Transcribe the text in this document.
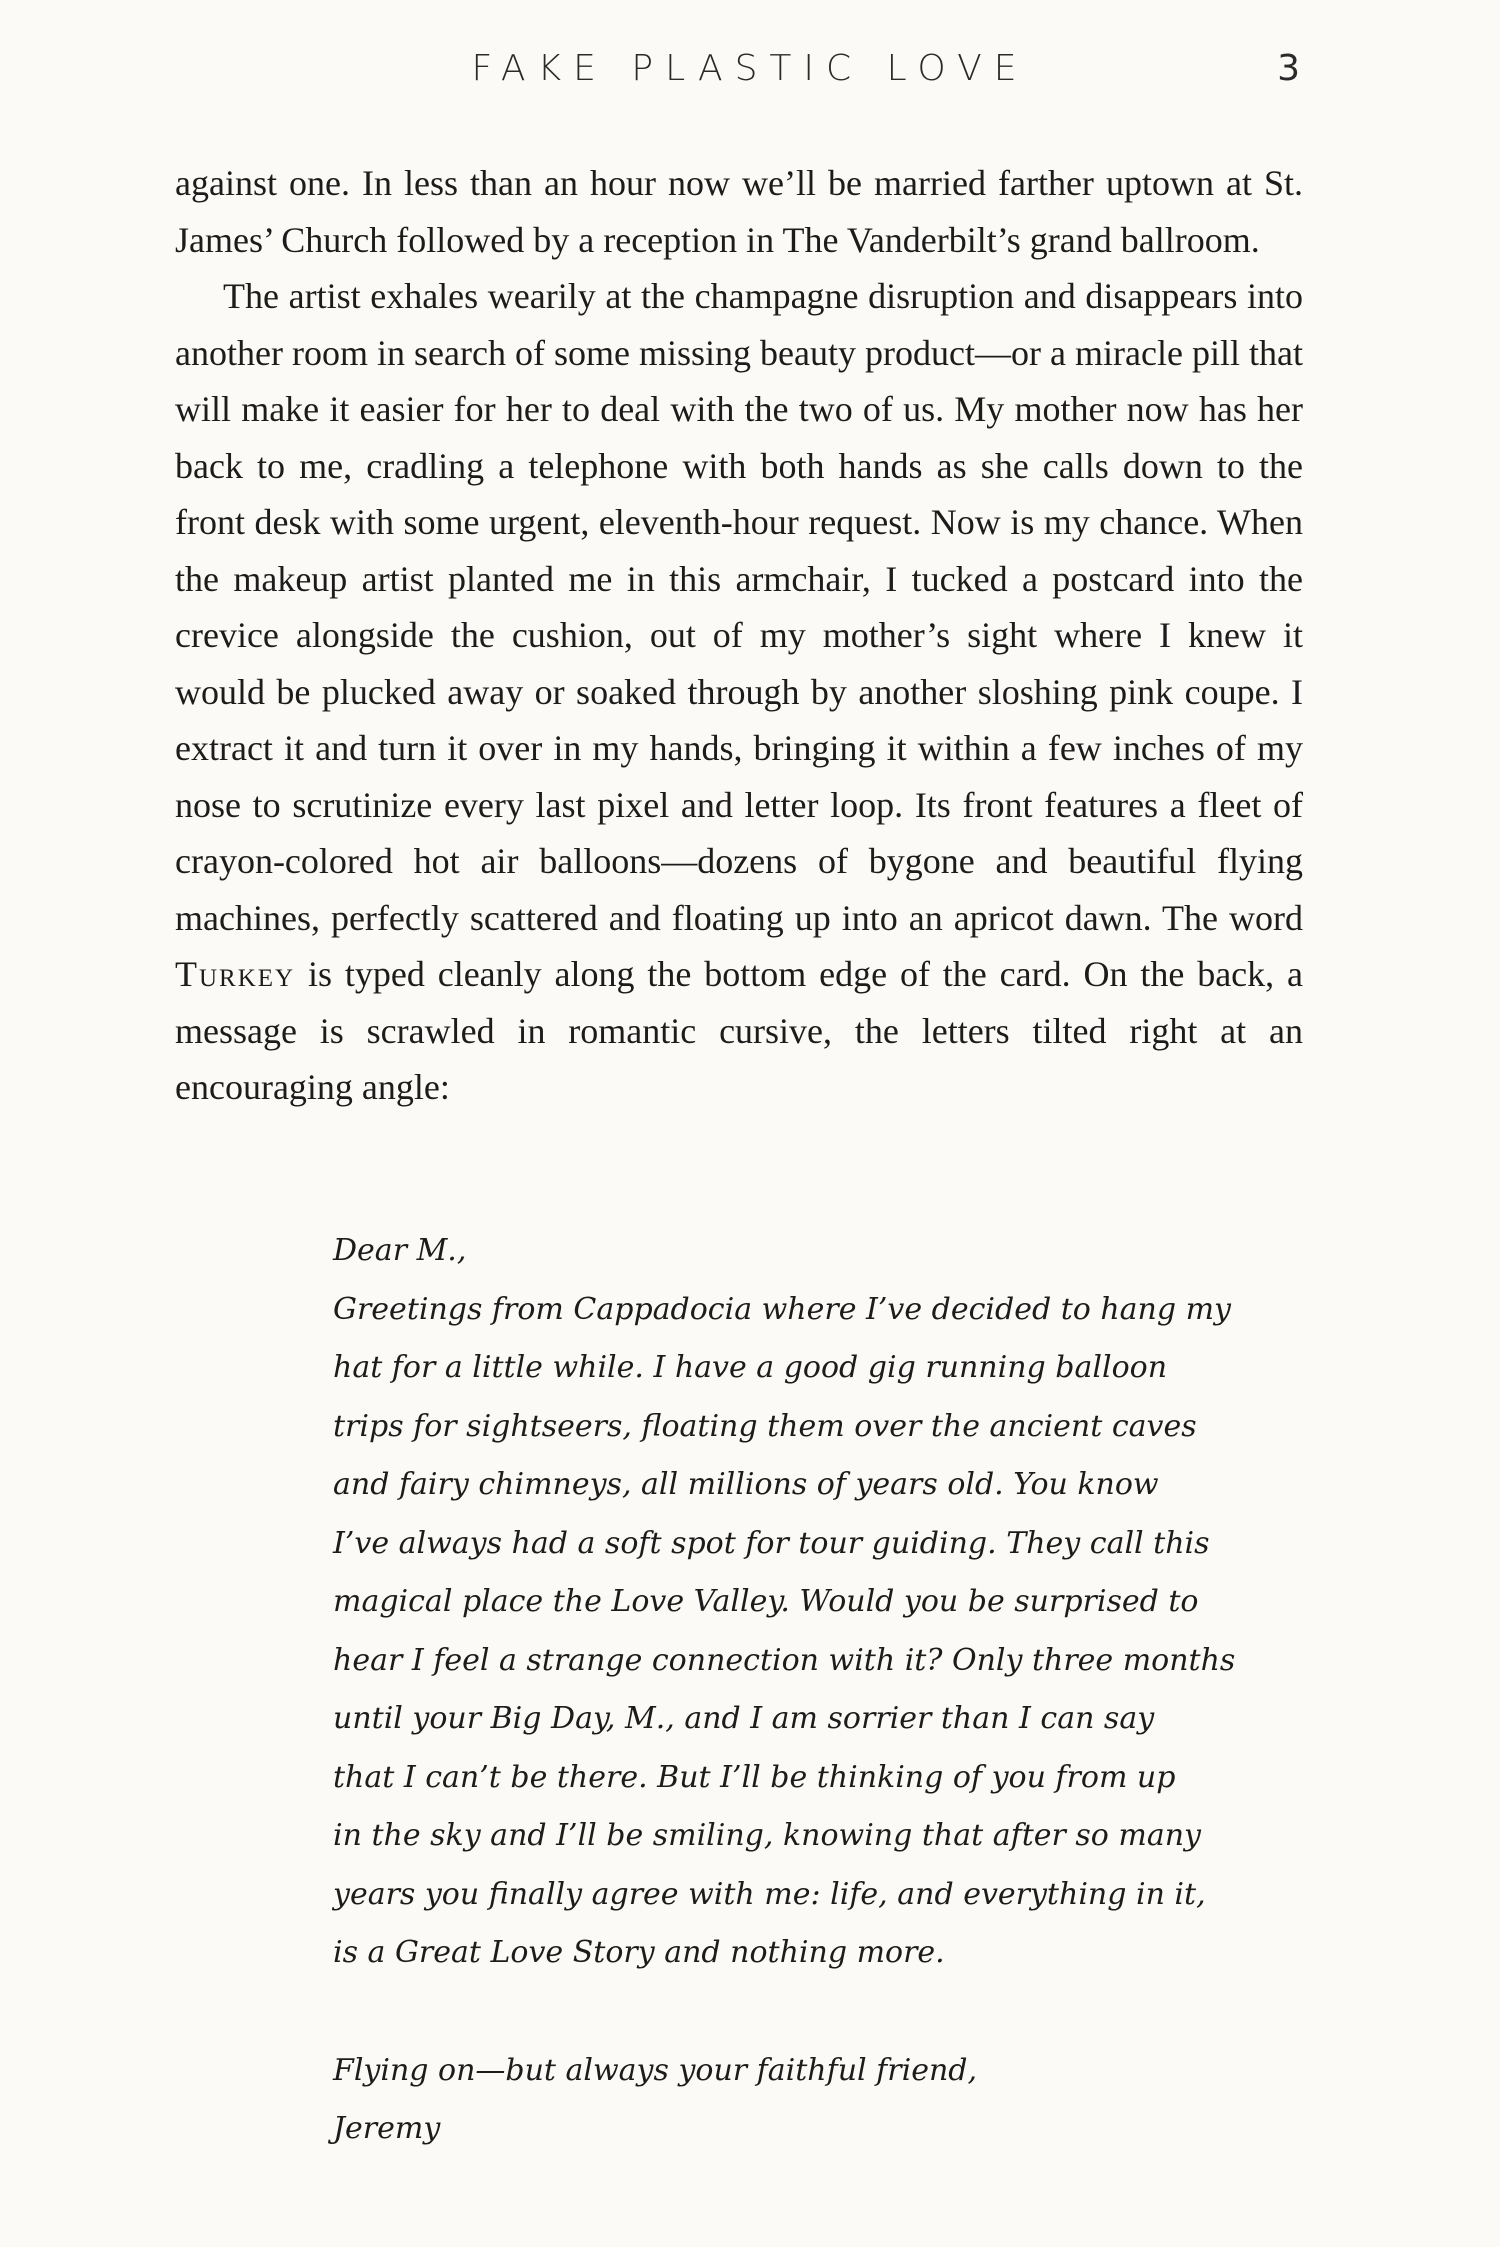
FAKE PLASTIC LOVE	3

against one. In less than an hour now we’ll be married farther uptown at St. James’ Church followed by a reception in The Vanderbilt’s grand ballroom.

The artist exhales wearily at the champagne disruption and disappears into another room in search of some missing beauty product—or a miracle pill that will make it easier for her to deal with the two of us. My mother now has her back to me, cradling a telephone with both hands as she calls down to the front desk with some urgent, eleventh-hour request. Now is my chance. When the makeup artist planted me in this armchair, I tucked a postcard into the crevice alongside the cushion, out of my mother’s sight where I knew it would be plucked away or soaked through by another sloshing pink coupe. I extract it and turn it over in my hands, bringing it within a few inches of my nose to scrutinize every last pixel and letter loop. Its front features a fleet of crayon-colored hot air balloons—dozens of bygone and beautiful flying machines, perfectly scattered and floating up into an apricot dawn. The word Turkey is typed cleanly along the bottom edge of the card. On the back, a message is scrawled in romantic cursive, the letters tilted right at an encouraging angle:

Dear M.,

Greetings from Cappadocia where I’ve decided to hang my
hat for a little while. I have a good gig running balloon
trips for sightseers, floating them over the ancient caves
and fairy chimneys, all millions of years old. You know
I’ve always had a soft spot for tour guiding. They call this
magical place the Love Valley. Would you be surprised to
hear I feel a strange connection with it? Only three months
until your Big Day, M., and I am sorrier than I can say
that I can’t be there. But I’ll be thinking of you from up
in the sky and I’ll be smiling, knowing that after so many
years you finally agree with me: life, and everything in it,
is a Great Love Story and nothing more.

Flying on—but always your faithful friend,

Jeremy
